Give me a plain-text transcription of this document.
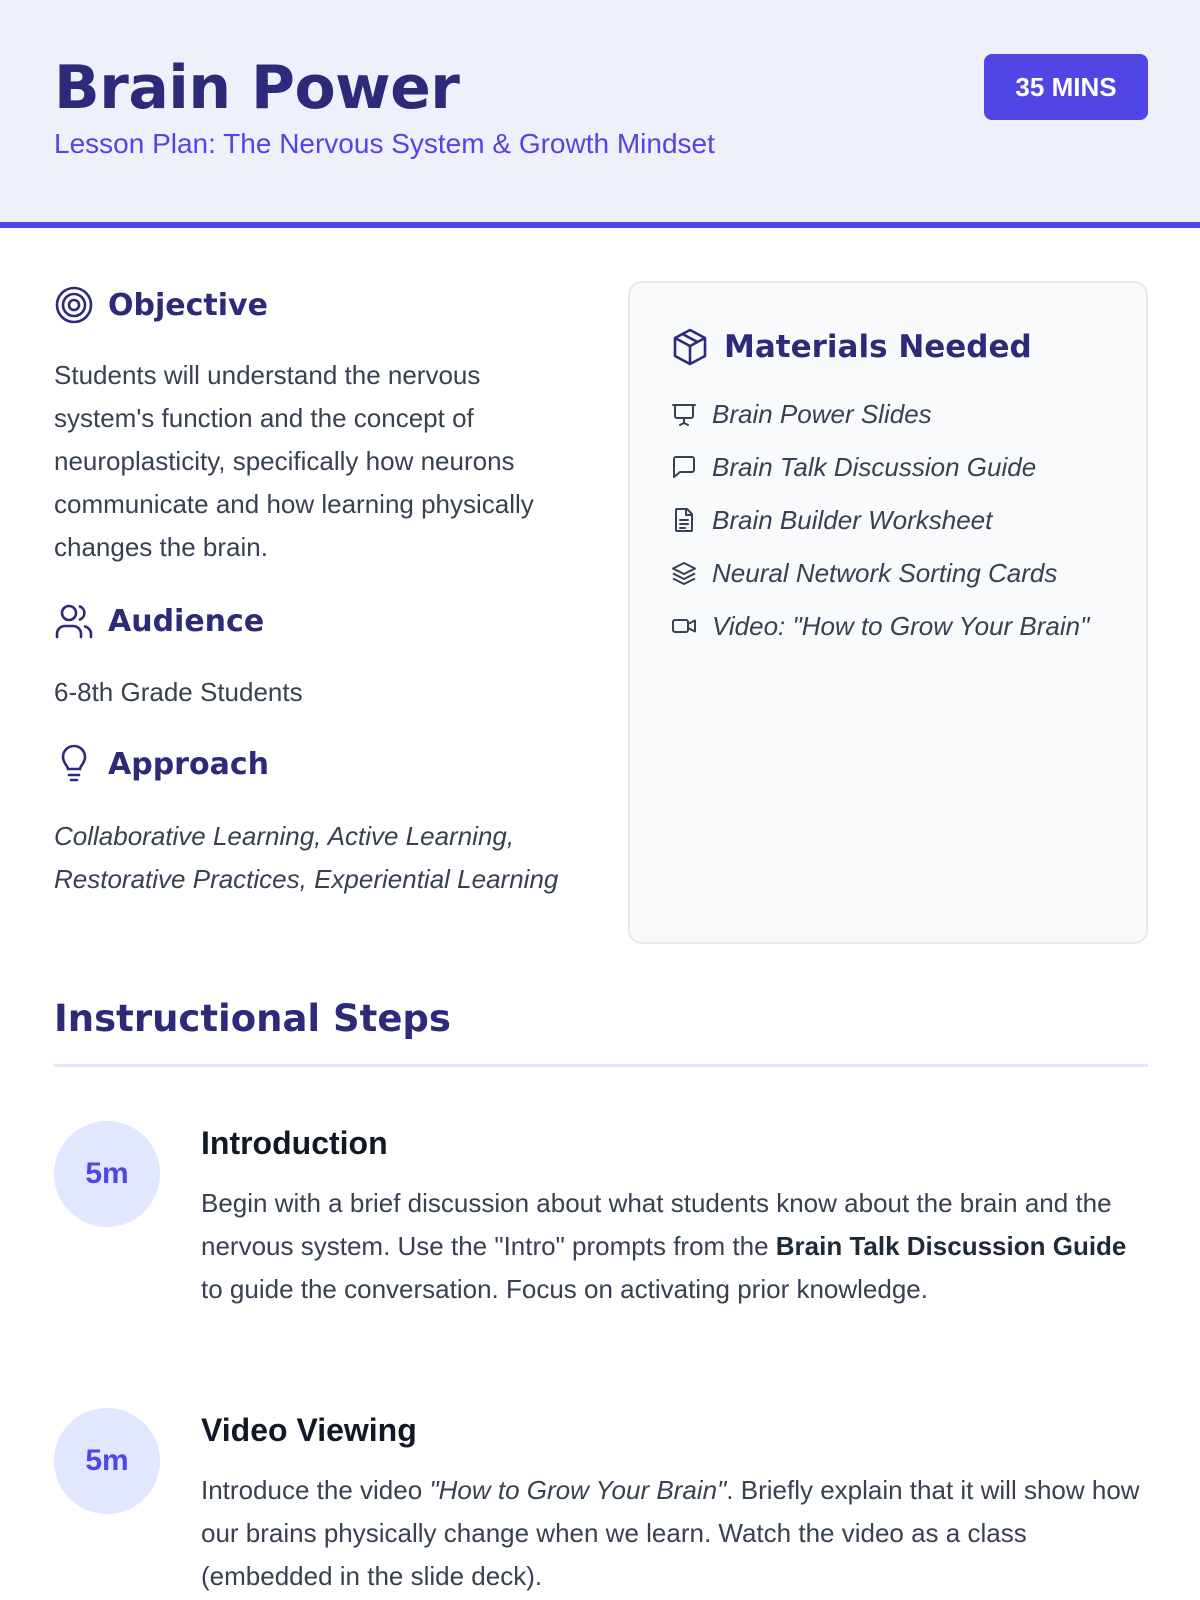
Brain Power
Lesson Plan: The Nervous System & Growth Mindset
35 MINS
Objective
Students will understand the nervous system's function and the concept of neuroplasticity, specifically how neurons communicate and how learning physically changes the brain.
Audience
6-8th Grade Students
Approach
Collaborative Learning, Active Learning, Restorative Practices, Experiential Learning
Materials Needed
Brain Power Slides
Brain Talk Discussion Guide
Brain Builder Worksheet
Neural Network Sorting Cards
Video: "How to Grow Your Brain"
Instructional Steps
5m
Introduction
Begin with a brief discussion about what students know about the brain and the nervous system. Use the "Intro" prompts from the Brain Talk Discussion Guide to guide the conversation. Focus on activating prior knowledge.
5m
Video Viewing
Introduce the video "How to Grow Your Brain". Briefly explain that it will show how our brains physically change when we learn. Watch the video as a class (embedded in the slide deck).
